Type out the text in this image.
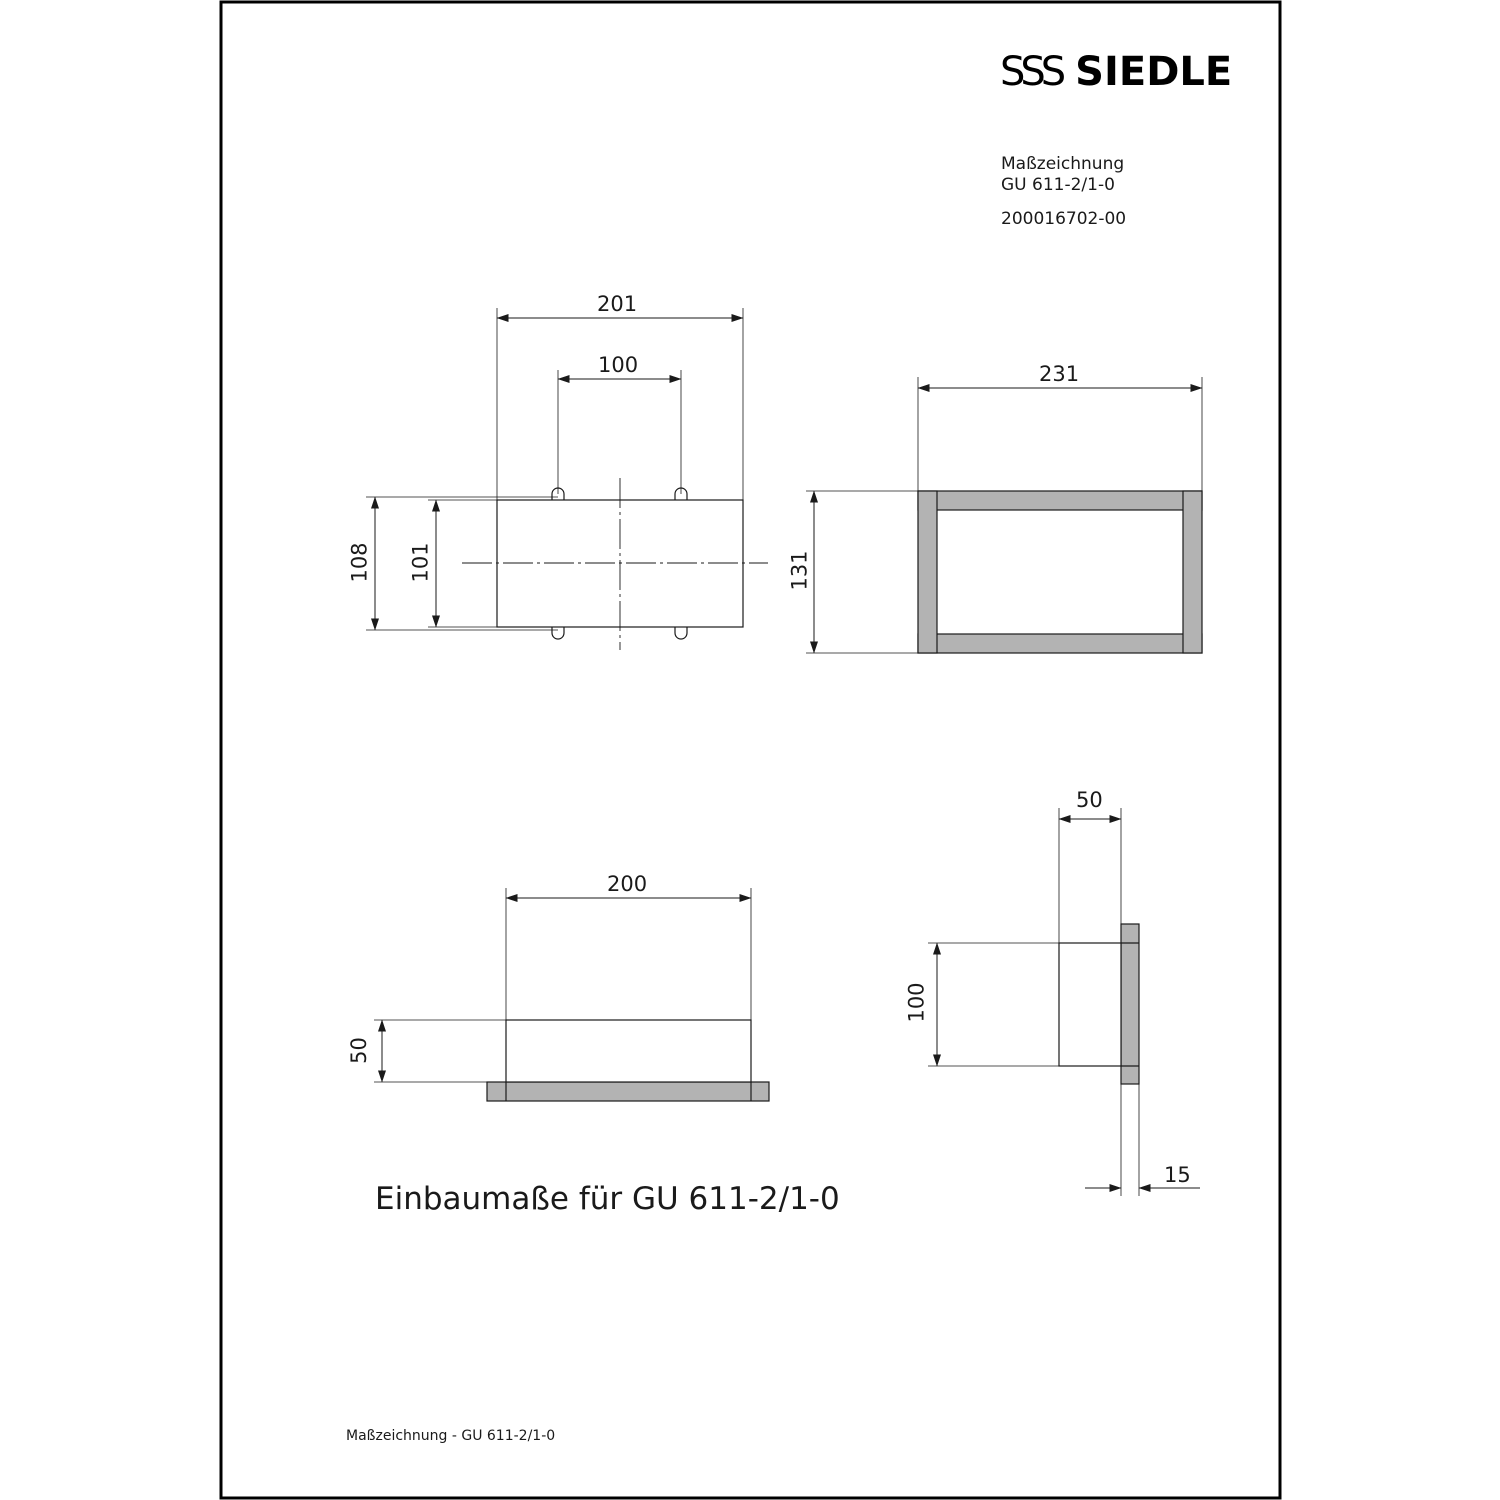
SSS SIEDLE
Maßzeichnung
GU 611-2/1-0
200016702-00
201
100	231
200
50
15
108 101	131
50
100
Einbaumaße für GU 611-2/1-0
Maßzeichnung - GU 611-2/1-0
